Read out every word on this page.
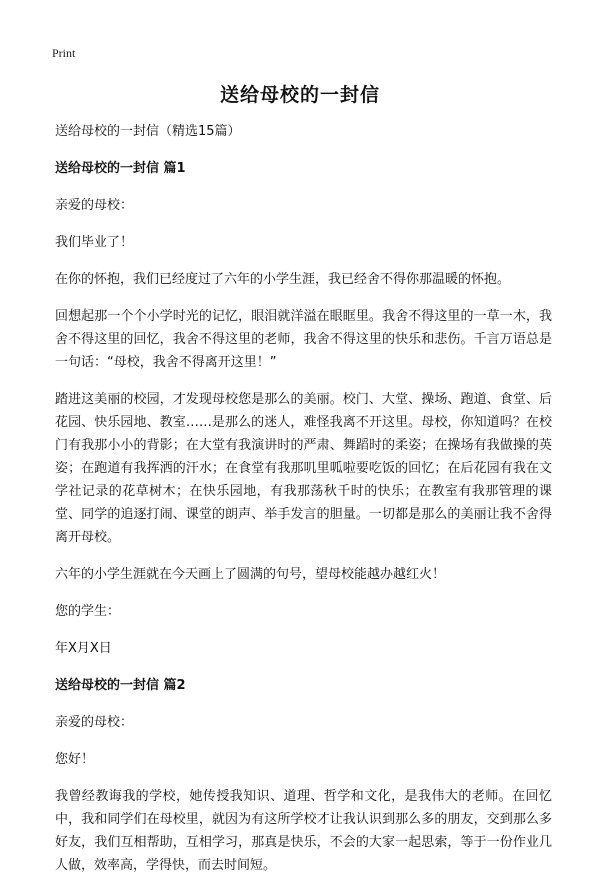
Print
送给母校的一封信

送给母校的一封信（精选15篇）

送给母校的一封信 篇1

亲爱的母校：

我们毕业了！

在你的怀抱，我们已经度过了六年的小学生涯，我已经舍不得你那温暖的怀抱。

回想起那一个个小学时光的记忆，眼泪就洋溢在眼眶里。我舍不得这里的一草一木，我舍不得这里的回忆，我舍不得这里的老师，我舍不得这里的快乐和悲伤。千言万语总是一句话：“母校，我舍不得离开这里！”

踏进这美丽的校园，才发现母校您是那么的美丽。校门、大堂、操场、跑道、食堂、后花园、快乐园地、教室……是那么的迷人，难怪我离不开这里。母校，你知道吗？在校门有我那小小的背影；在大堂有我演讲时的严肃、舞蹈时的柔姿；在操场有我做操的英姿；在跑道有我挥洒的汗水；在食堂有我那叽里呱啦要吃饭的回忆；在后花园有我在文学社记录的花草树木；在快乐园地，有我那荡秋千时的快乐；在教室有我那管理的课堂、同学的追逐打闹、课堂的朗声、举手发言的胆量。一切都是那么的美丽让我不舍得离开母校。

六年的小学生涯就在今天画上了圆满的句号，望母校能越办越红火！

您的学生：

年X月X日

送给母校的一封信 篇2

亲爱的母校：

您好！

我曾经教诲我的学校，她传授我知识、道理、哲学和文化，是我伟大的老师。在回忆中，我和同学们在母校里，就因为有这所学校才让我认识到那么多的朋友，交到那么多好友，我们互相帮助，互相学习，那真是快乐，不会的大家一起思索，等于一份作业几人做，效率高，学得快，而去时间短。
